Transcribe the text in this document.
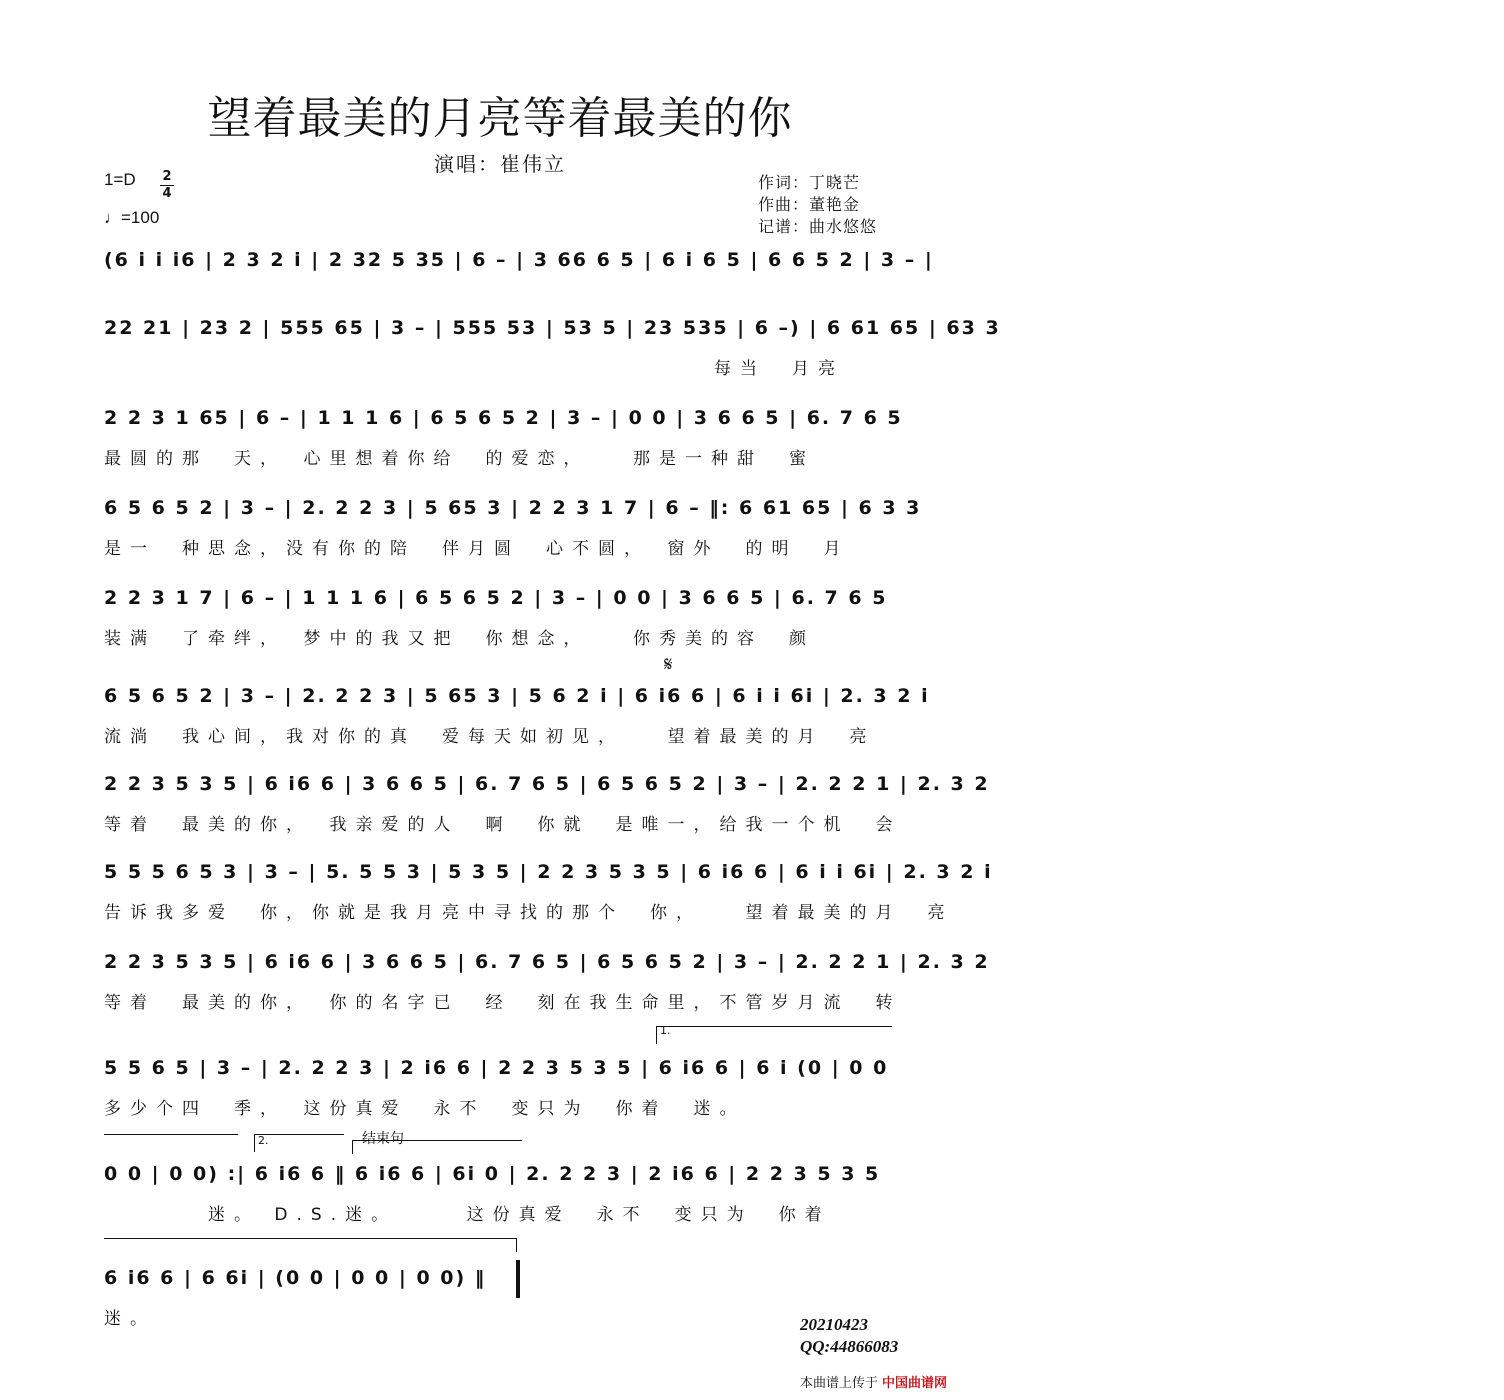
望着最美的月亮等着最美的你
演唱：崔伟立
1=D 2
4
♩=100
作词：丁晓芒
作曲：董艳金
记谱：曲水悠悠
𝄋
(6 i i i6 | 2 3 2 i | 2 32 5 35 | 6 – | 3 66 6 5 | 6 i 6 5 | 6 6 5 2 | 3 – |
22 21 | 23 2 | 555 65 | 3 – | 555 53 | 53 5 | 23 535 | 6 –) | 6 61 65 | 63 3
每当　月亮
2 2 3 1 65 | 6 – | 1 1 1 6 | 6 5 6 5 2 | 3 – | 0 0 | 3 6 6 5 | 6. 7 6 5
最圆的那　天，　心里想着你给　的爱恋，　　那是一种甜　蜜
6 5 6 5 2 | 3 – | 2. 2 2 3 | 5 65 3 | 2 2 3 1 7 | 6 – ‖: 6 61 65 | 6 3 3
是一　种思念，没有你的陪　伴月圆　心不圆，　窗外　的明　月
2 2 3 1 7 | 6 – | 1 1 1 6 | 6 5 6 5 2 | 3 – | 0 0 | 3 6 6 5 | 6. 7 6 5
装满　了牵绊，　梦中的我又把　你想念，　　你秀美的容　颜
6 5 6 5 2 | 3 – | 2. 2 2 3 | 5 65 3 | 5 6 2 i | 6 i6 6 | 6 i i 6i | 2. 3 2 i
流淌　我心间，我对你的真　爱每天如初见，　　望着最美的月　亮
2 2 3 5 3 5 | 6 i6 6 | 3 6 6 5 | 6. 7 6 5 | 6 5 6 5 2 | 3 – | 2. 2 2 1 | 2. 3 2
等着　最美的你，　我亲爱的人　啊　你就　是唯一，给我一个机　会
5 5 5 6 5 3 | 3 – | 5. 5 5 3 | 5 3 5 | 2 2 3 5 3 5 | 6 i6 6 | 6 i i 6i | 2. 3 2 i
告诉我多爱　你，你就是我月亮中寻找的那个　你，　　望着最美的月　亮
2 2 3 5 3 5 | 6 i6 6 | 3 6 6 5 | 6. 7 6 5 | 6 5 6 5 2 | 3 – | 2. 2 2 1 | 2. 3 2
等着　最美的你，　你的名字已　经　刻在我生命里，不管岁月流　转
5 5 6 5 | 3 – | 2. 2 2 3 | 2 i6 6 | 2 2 3 5 3 5 | 6 i6 6 | 6 i (0 | 0 0
多少个四　季，　这份真爱　永不　变只为　你着　迷。
0 0 | 0 0) :| 6 i6 6 ‖ 6 i6 6 | 6i 0 | 2. 2 2 3 | 2 i6 6 | 2 2 3 5 3 5
　　　　迷。 D.S.迷。　　　这份真爱　永不　变只为　你着
6 i6 6 | 6 6i | (0 0 | 0 0 | 0 0) ‖
迷。
1.
2.	结束句
20210423
QQ:44866083
本曲谱上传于 中国曲谱网
